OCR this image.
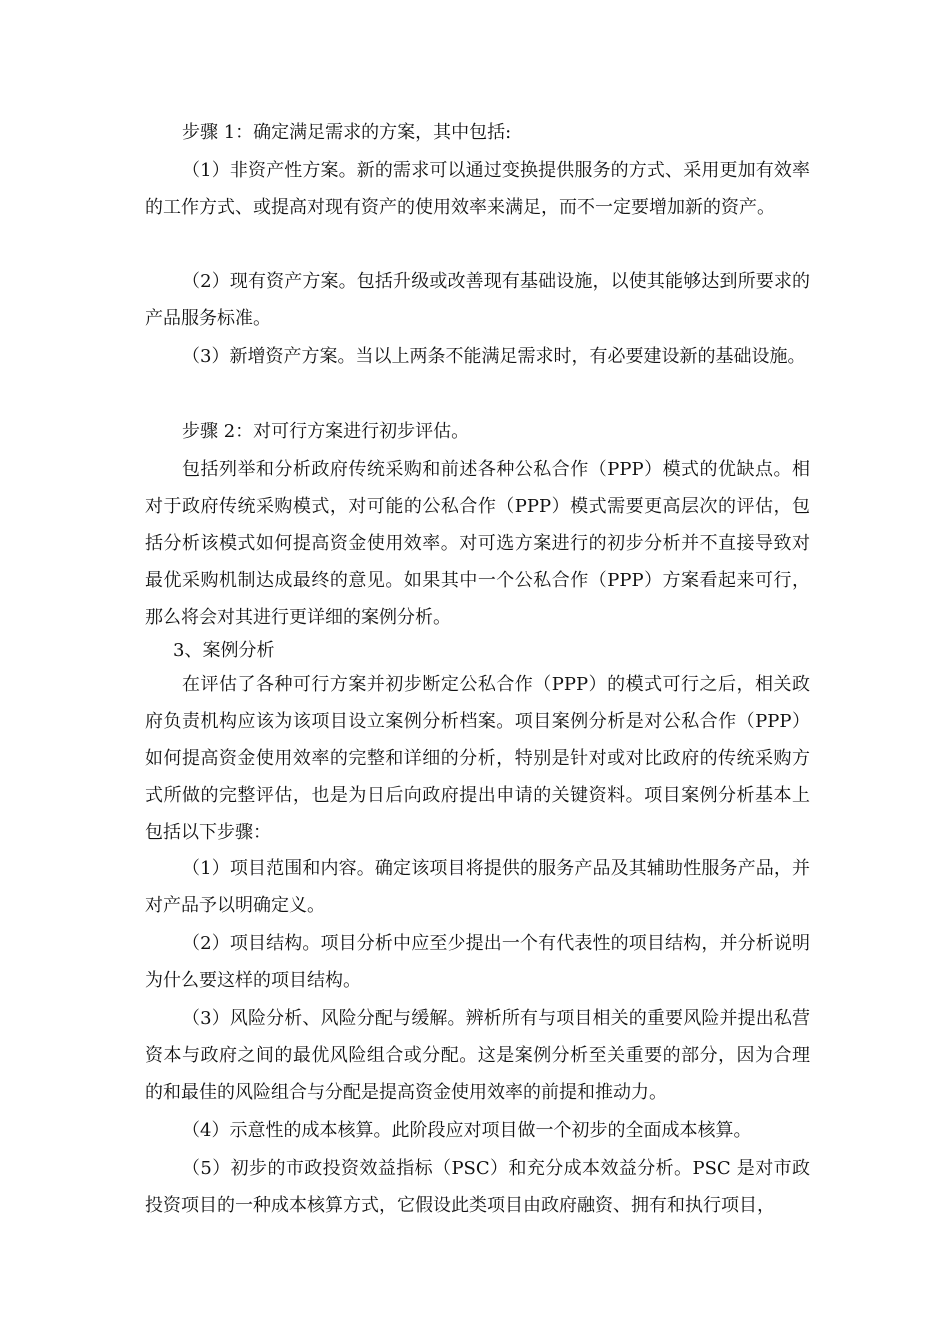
步骤 1：确定满足需求的方案，其中包括:

（1）非资产性方案。新的需求可以通过变换提供服务的方式、采用更加有效率的工作方式、或提高对现有资产的使用效率来满足，而不一定要增加新的资产。

（2）现有资产方案。包括升级或改善现有基础设施，以使其能够达到所要求的产品服务标准。

（3）新增资产方案。当以上两条不能满足需求时，有必要建设新的基础设施。

步骤 2：对可行方案进行初步评估。

包括列举和分析政府传统采购和前述各种公私合作（PPP）模式的优缺点。相对于政府传统采购模式，对可能的公私合作（PPP）模式需要更高层次的评估，包括分析该模式如何提高资金使用效率。对可选方案进行的初步分析并不直接导致对最优采购机制达成最终的意见。如果其中一个公私合作（PPP）方案看起来可行，那么将会对其进行更详细的案例分析。

3、案例分析

在评估了各种可行方案并初步断定公私合作（PPP）的模式可行之后，相关政府负责机构应该为该项目设立案例分析档案。项目案例分析是对公私合作（PPP）如何提高资金使用效率的完整和详细的分析，特别是针对或对比政府的传统采购方式所做的完整评估，也是为日后向政府提出申请的关键资料。项目案例分析基本上包括以下步骤：

（1）项目范围和内容。确定该项目将提供的服务产品及其辅助性服务产品，并对产品予以明确定义。

（2）项目结构。项目分析中应至少提出一个有代表性的项目结构，并分析说明为什么要这样的项目结构。

（3）风险分析、风险分配与缓解。辨析所有与项目相关的重要风险并提出私营资本与政府之间的最优风险组合或分配。这是案例分析至关重要的部分，因为合理的和最佳的风险组合与分配是提高资金使用效率的前提和推动力。

（4）示意性的成本核算。此阶段应对项目做一个初步的全面成本核算。

（5）初步的市政投资效益指标（PSC）和充分成本效益分析。PSC 是对市政投资项目的一种成本核算方式，它假设此类项目由政府融资、拥有和执行项目，
